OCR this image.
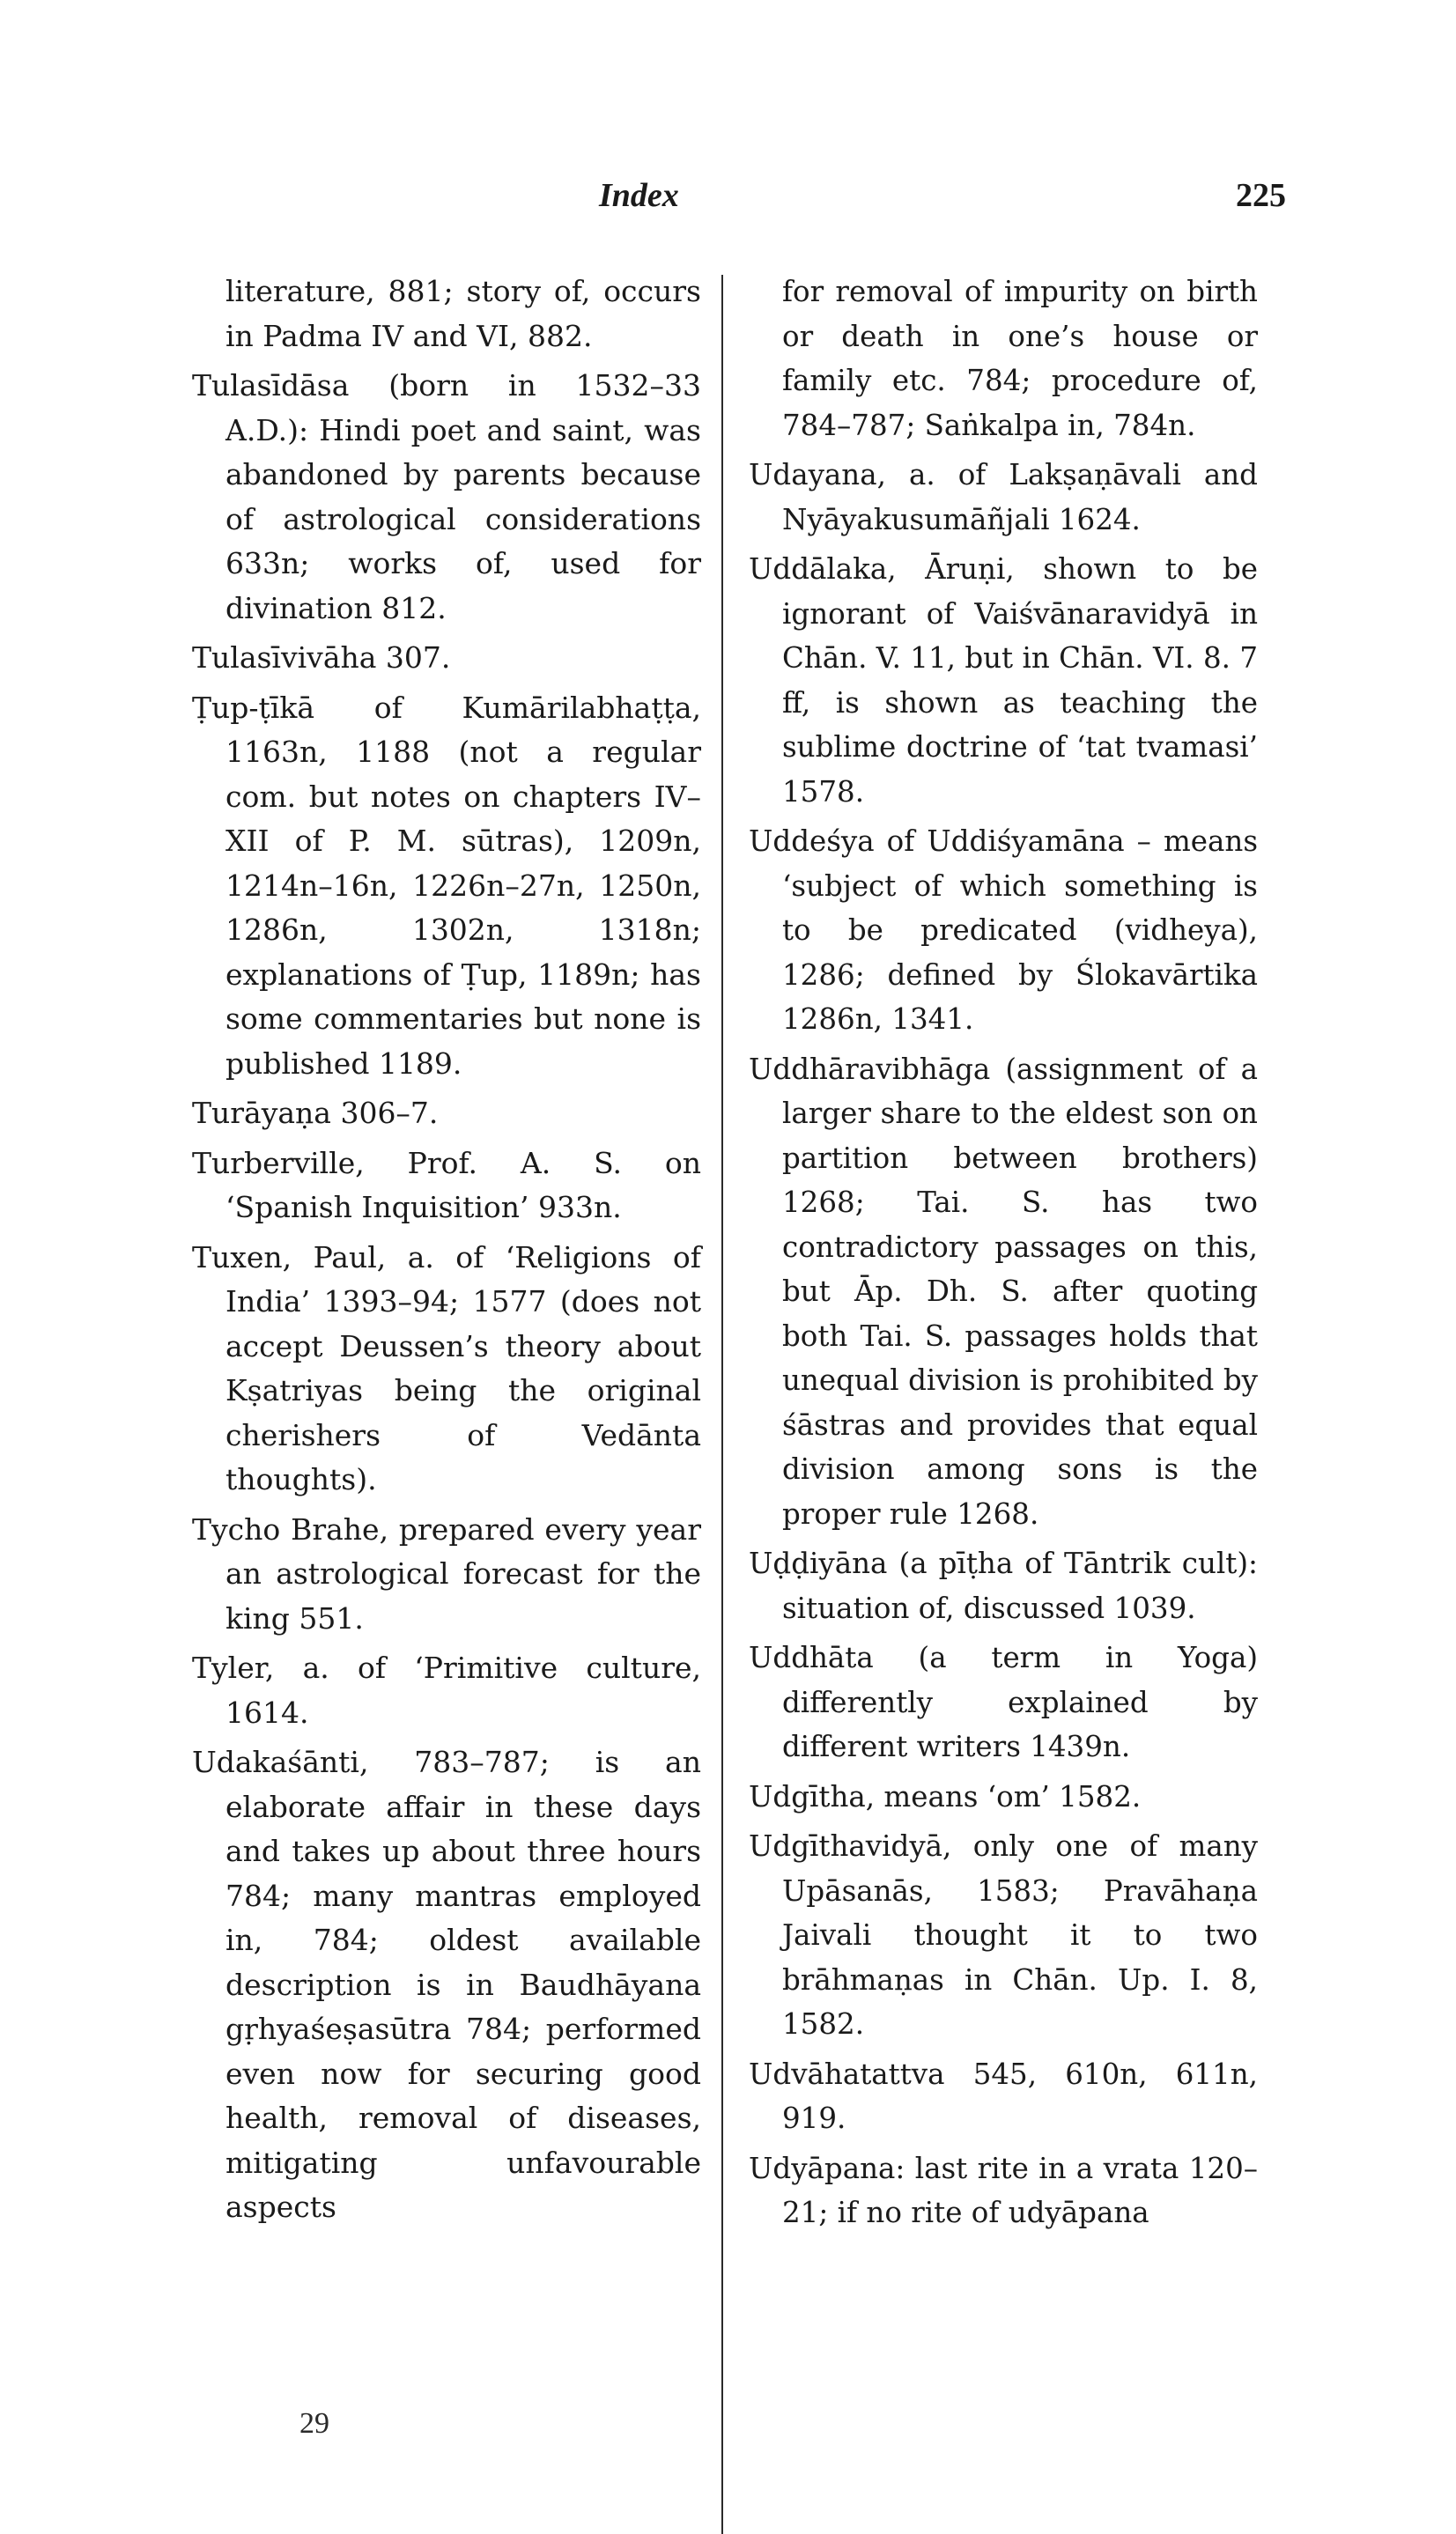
Index	225

literature, 881; story of, occurs in Padma IV and VI, 882.

Tulasīdāsa (born in 1532–33 A.D.): Hindi poet and saint, was abandoned by parents because of astrological considerations 633n; works of, used for divination 812.

Tulasīvivāha 307.

Ṭup-ṭīkā of Kumārilabhaṭṭa, 1163n, 1188 (not a regular com. but notes on chapters IV–XII of P. M. sūtras), 1209n, 1214n–16n, 1226n–27n, 1250n, 1286n, 1302n, 1318n; explanations of Ṭup, 1189n; has some commentaries but none is published 1189.

Turāyaṇa 306–7.

Turberville, Prof. A. S. on ‘Spanish Inquisition’ 933n.

Tuxen, Paul, a. of ‘Religions of India’ 1393–94; 1577 (does not accept Deussen’s theory about Kṣatriyas being the original cherishers of Vedānta thoughts).

Tycho Brahe, prepared every year an astrological forecast for the king 551.

Tyler, a. of ‘Primitive culture, 1614.

Udakaśānti, 783–787; is an elaborate affair in these days and takes up about three hours 784; many mantras employed in, 784; oldest available description is in Baudhāyana gṛhyaśeṣasūtra 784; performed even now for securing good health, removal of diseases, mitigating unfavourable aspects

for removal of impurity on birth or death in one’s house or family etc. 784; procedure of, 784–787; Saṅkalpa in, 784n.

Udayana, a. of Lakṣaṇāvali and Nyāyakusumāñjali 1624.

Uddālaka, Āruṇi, shown to be ignorant of Vaiśvānaravidyā in Chān. V. 11, but in Chān. VI. 8. 7 ff, is shown as teaching the sublime doctrine of ‘tat tvamasi’ 1578.

Uddeśya of Uddiśyamāna – means ‘subject of which something is to be predicated (vidheya), 1286; defined by Ślokavārtika 1286n, 1341.

Uddhāravibhāga (assignment of a larger share to the eldest son on partition between brothers) 1268; Tai. S. has two contradictory passages on this, but Āp. Dh. S. after quoting both Tai. S. passages holds that unequal division is prohibited by śāstras and provides that equal division among sons is the proper rule 1268.

Uḍḍiyāna (a pīṭha of Tāntrik cult): situation of, discussed 1039.

Uddhāta (a term in Yoga) differently explained by different writers 1439n.

Udgītha, means ‘om’ 1582.

Udgīthavidyā, only one of many Upāsanās, 1583; Pravāhaṇa Jaivali thought it to two brāhmaṇas in Chān. Up. I. 8, 1582.

Udvāhatattva 545, 610n, 611n, 919.

Udyāpana: last rite in a vrata 120–21; if no rite of udyāpana

29
